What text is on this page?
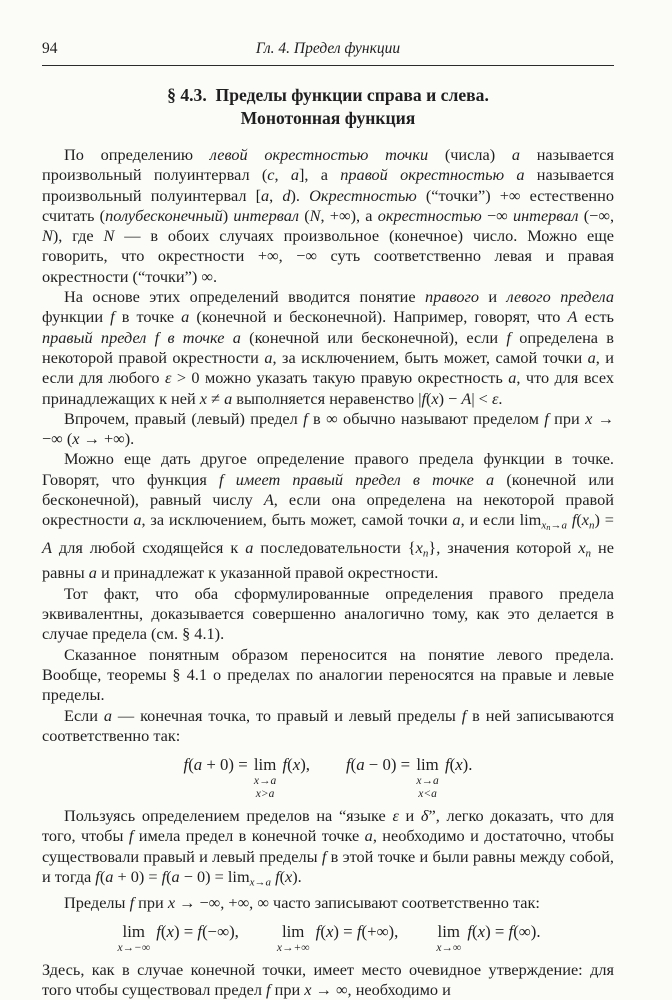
94	Гл. 4. Предел функции
§ 4.3. Пределы функции справа и слева.
Монотонная функция

По определению левой окрестностью точки (числа) a называется произвольный полуинтервал (c, a], а правой окрестностью a называется произвольный полуинтервал [a, d). Окрестностью (“точки”) +∞ естественно считать (полубесконечный) интервал (N, +∞), а окрестностью −∞ интервал (−∞, N), где N — в обоих случаях произвольное (конечное) число. Можно еще говорить, что окрестности +∞, −∞ суть соответственно левая и правая окрестности (“точки”) ∞.

На основе этих определений вводится понятие правого и левого предела функции f в точке a (конечной и бесконечной). Например, говорят, что A есть правый предел f в точке a (конечной или бесконечной), если f определена в некоторой правой окрестности a, за исключением, быть может, самой точки a, и если для любого ε > 0 можно указать такую правую окрестность a, что для всех принадлежащих к ней x ≠ a выполняется неравенство |f(x) − A| < ε.

Впрочем, правый (левый) предел f в ∞ обычно называют пределом f при x → −∞ (x → +∞).

Можно еще дать другое определение правого предела функции в точке. Говорят, что функция f имеет правый предел в точке a (конечной или бесконечной), равный числу A, если она определена на некоторой правой окрестности a, за исключением, быть может, самой точки a, и если $\lim_{xn\to a} f(x_n) = A$ для любой сходящейся к a последовательности $\{x_n\}$, значения которой $x_n$ не равны a и принадлежат к указанной правой окрестности.

Тот факт, что оба сформулированные определения правого предела эквивалентны, доказывается совершенно аналогично тому, как это делается в случае предела (см. § 4.1).

Сказанное понятным образом переносится на понятие левого предела. Вообще, теоремы § 4.1 о пределах по аналогии переносятся на правые и левые пределы.

Если a — конечная точка, то правый и левый пределы f в ней записываются соответственно так:

f(a + 0) = lim
x→a
x>a
f(x), f(a − 0) = lim
x→a
x<a
f(x).

Пользуясь определением пределов на “языке ε и δ”, легко доказать, что для того, чтобы f имела предел в конечной точке a, необходимо и достаточно, чтобы существовали правый и левый пределы f в этой точке и были равны между собой, и тогда $f(a + 0) = f(a - 0) = \lim_{x\to a} f(x)$.

Пределы f при x → −∞, +∞, ∞ часто записывают соответственно так:

lim
x→−∞
f(x) = f(−∞),	lim
x→+∞
f(x) = f(+∞), lim
x→∞
f(x) = f(∞).

Здесь, как в случае конечной точки, имеет место очевидное утверждение: для того чтобы существовал предел f при x → ∞, необходимо и
